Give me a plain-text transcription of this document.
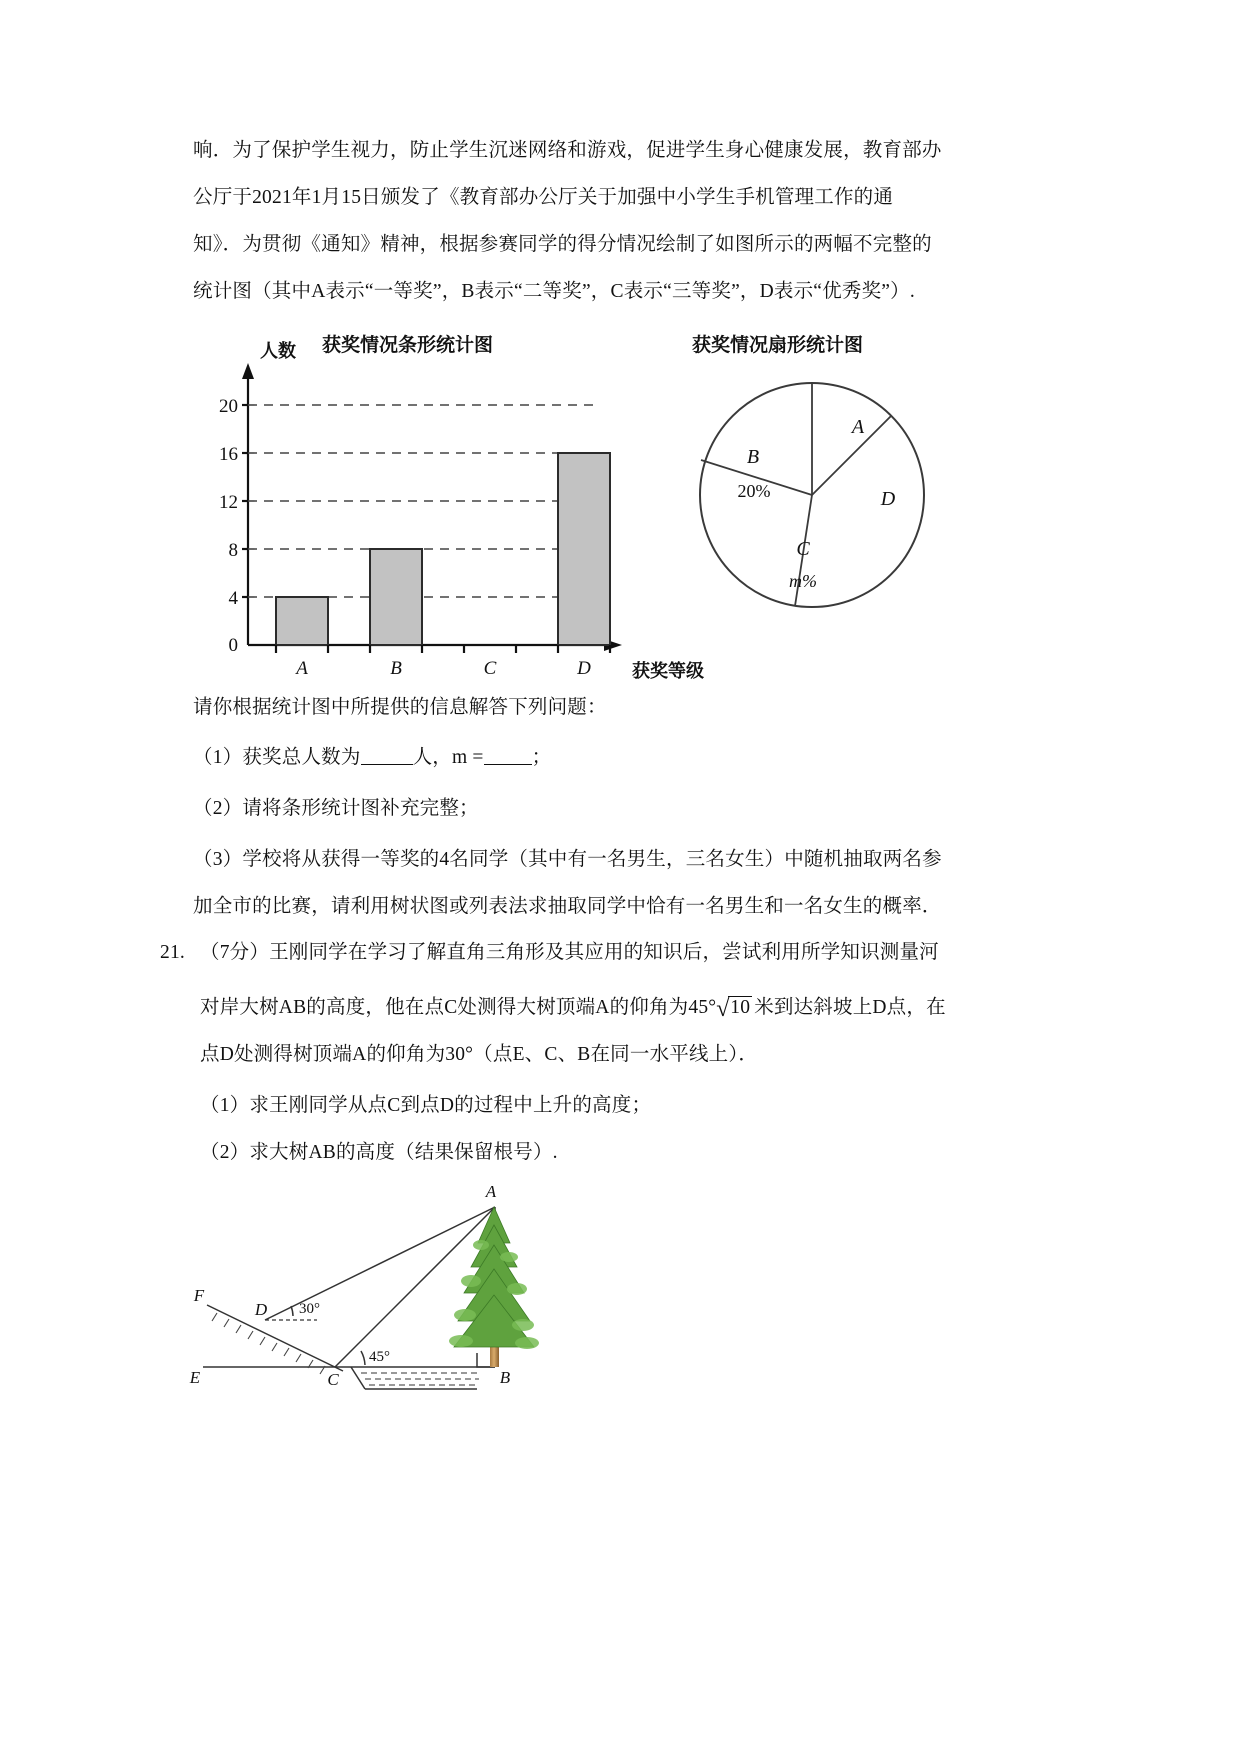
响．为了保护学生视力，防止学生沉迷网络和游戏，促进学生身心健康发展，教育部办
公厅于2021年1月15日颁发了《教育部办公厅关于加强中小学生手机管理工作的通
知》．为贯彻《通知》精神，根据参赛同学的得分情况绘制了如图所示的两幅不完整的
统计图（其中A表示“一等奖”，B表示“二等奖”，C表示“三等奖”，D表示“优秀奖”）.
获奖情况条形统计图	获奖情况扇形统计图
0
4
8
12
16
20
A	B	C	D
人数
获奖等级
A
B
20%
C
m%
D
请你根据统计图中所提供的信息解答下列问题：
（1）获奖总人数为	人，m = ；
（2）请将条形统计图补充完整；
（3）学校将从获得一等奖的4名同学（其中有一名男生，三名女生）中随机抽取两名参
加全市的比赛，请利用树状图或列表法求抽取同学中恰有一名男生和一名女生的概率．
21. （7分）王刚同学在学习了解直角三角形及其应用的知识后，尝试利用所学知识测量河
对岸大树AB的高度，他在点C处测得大树顶端A的仰角为45° √ 10 米到达斜坡上D点，在
点D处测得树顶端A的仰角为30°（点E、C、B在同一水平线上）．
（1）求王刚同学从点C到点D的过程中上升的高度；
（2）求大树AB的高度（结果保留根号）.
A
B
C
D
E
F
30°
45°
